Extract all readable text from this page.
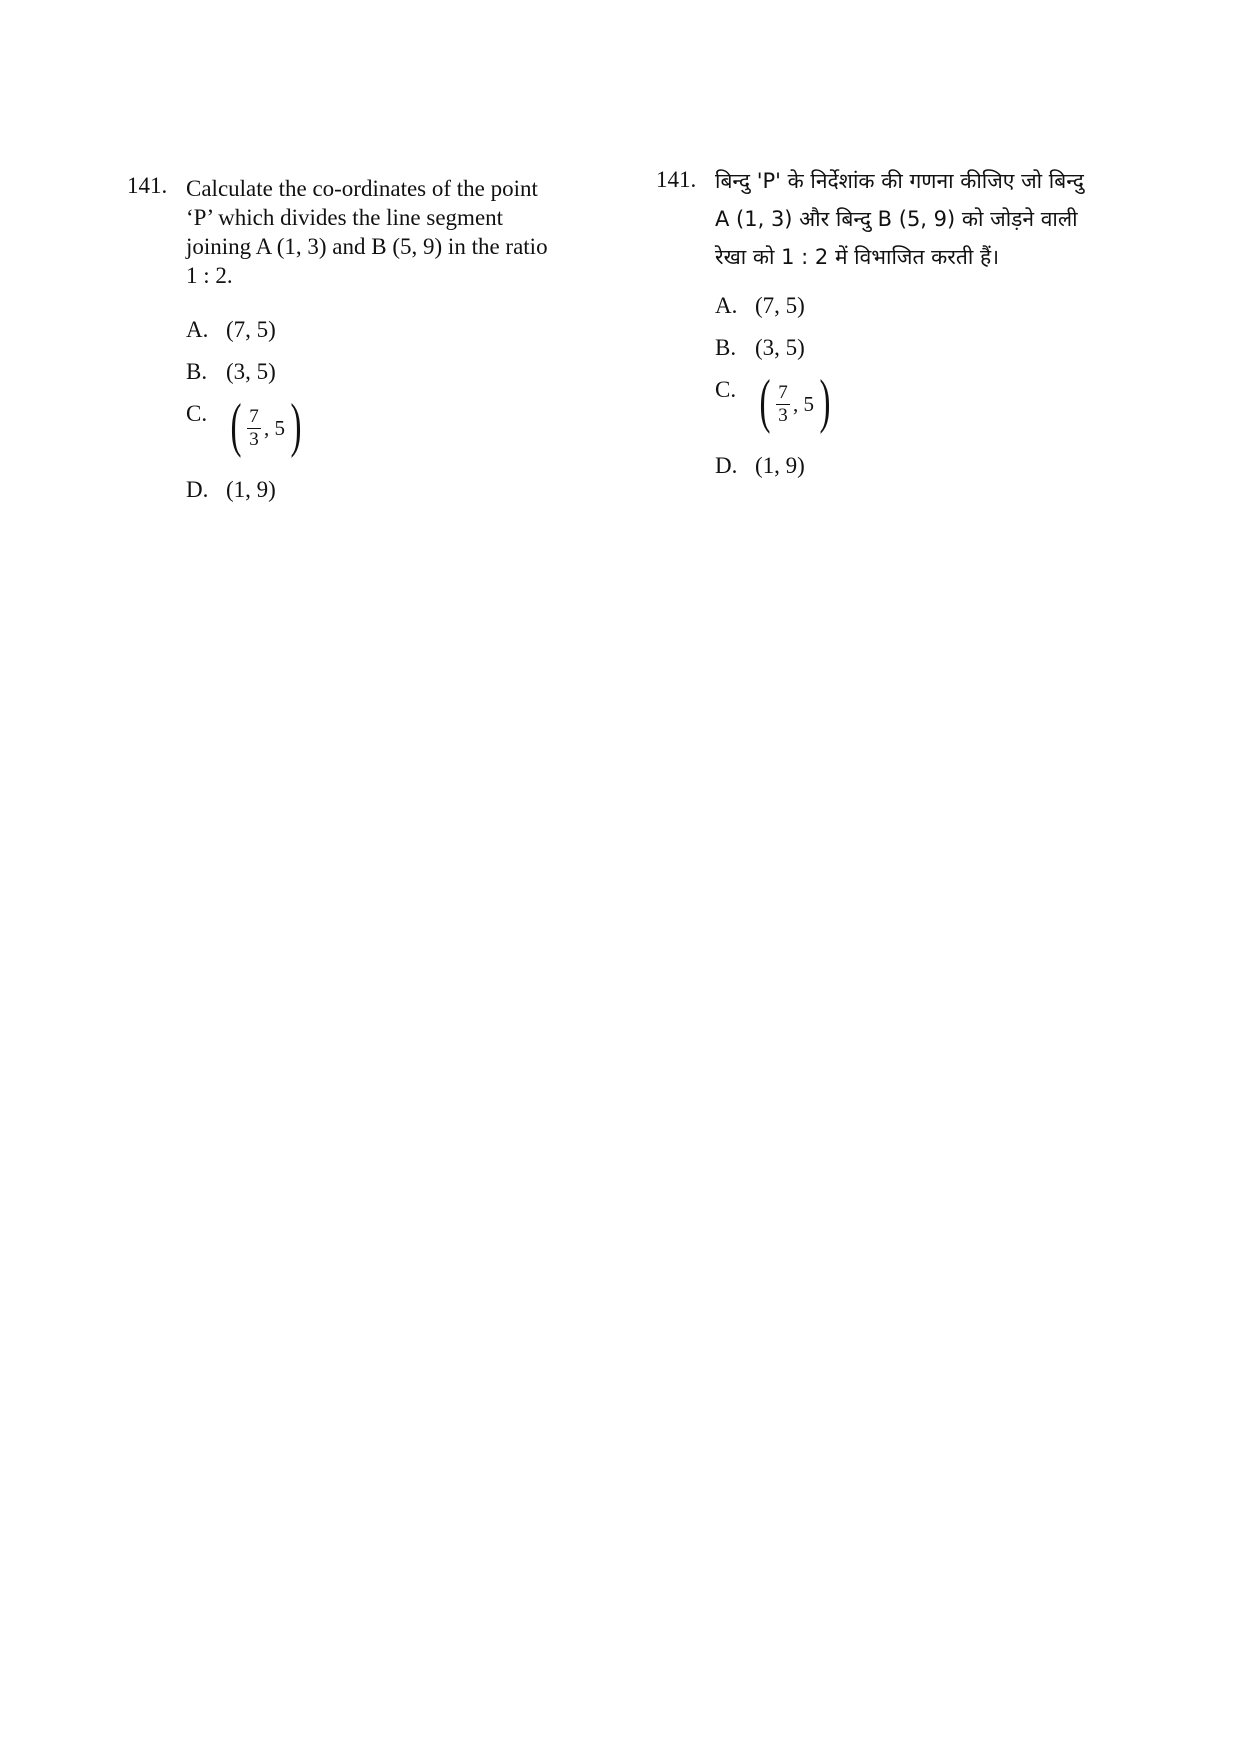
141. Calculate the co-ordinates of the point
‘P’ which divides the line segment
joining A (1, 3) and B (5, 9) in the ratio
1 : 2.
A. (7, 5)
B. (3, 5)
C. ( $\frac{7}{3}$ , 5 )
D. (1, 9)
141. बिन्दु 'P' के निर्देशांक की गणना कीजिए जो बिन्दु
A (1, 3) और बिन्दु B (5, 9) को जोड़ने वाली
रेखा को 1 : 2 में विभाजित करती हैं।
A. (7, 5)
B. (3, 5)
C. ( $\frac{7}{3}$ , 5 )
D. (1, 9)
